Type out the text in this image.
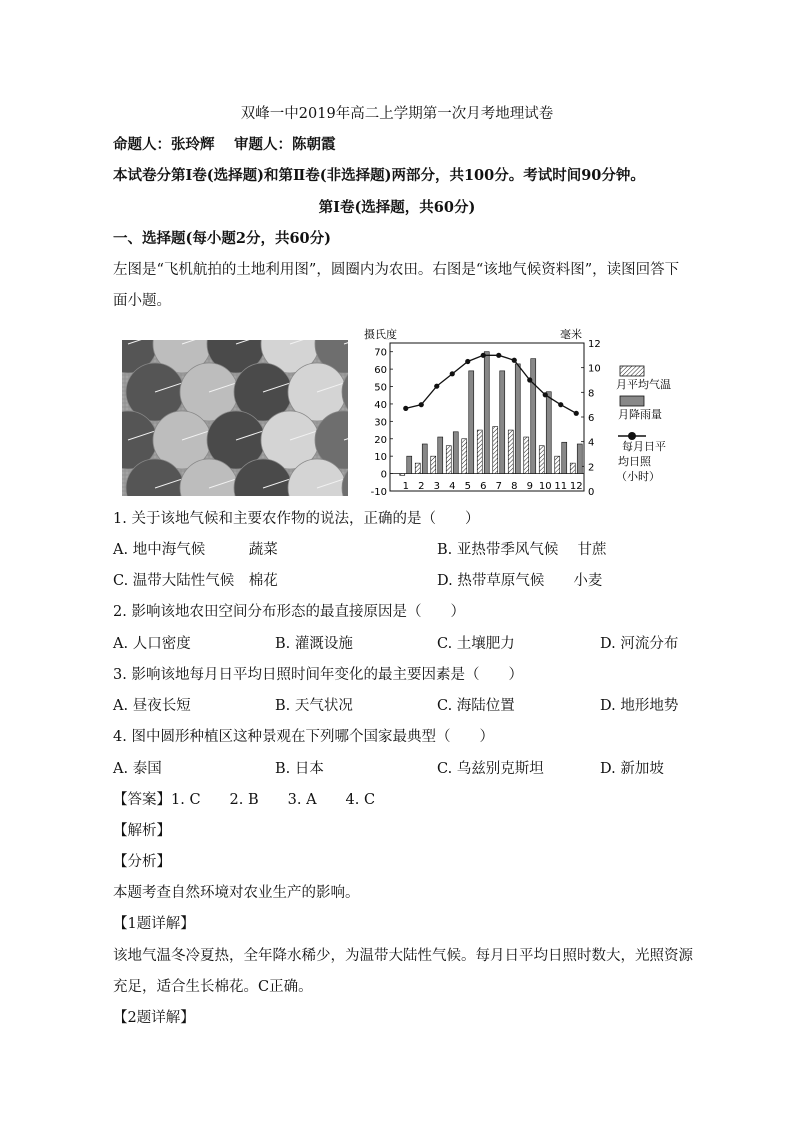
双峰一中2019年高二上学期第一次月考地理试卷
命题人：张玲辉　 审题人：陈朝霞
本试卷分第Ⅰ卷(选择题)和第Ⅱ卷(非选择题)两部分，共100分。考试时间90分钟。
第Ⅰ卷(选择题，共60分)
一、选择题(每小题2分，共60分)
左图是“飞机航拍的土地利用图”，圆圈内为农田。右图是“该地气候资料图”，读图回答下
面小题。
摄氏度	毫米
70
60
50
40
30
20
10
0
-10
12
10
8
6
4
2
0
1 2 3 4 5 6 7 8 9 10 11 12
月平均气温
月降雨量
每月日平
均日照
（小时）
1. 关于该地气候和主要农作物的说法，正确的是（　　）
A. 地中海气候　　　蔬菜	B. 亚热带季风气候　 甘蔗
C. 温带大陆性气候　棉花	D. 热带草原气候　　小麦
2. 影响该地农田空间分布形态的最直接原因是（　　）
A. 人口密度	B. 灌溉设施	C. 土壤肥力	D. 河流分布
3. 影响该地每月日平均日照时间年变化的最主要因素是（　　）
A. 昼夜长短	B. 天气状况	C. 海陆位置	D. 地形地势
4. 图中圆形种植区这种景观在下列哪个国家最典型（　　）
A. 泰国	B. 日本	C. 乌兹别克斯坦	D. 新加坡
【答案】1. C　　2. B　　3. A　　4. C
【解析】
【分析】
本题考查自然环境对农业生产的影响。
【1题详解】
该地气温冬冷夏热，全年降水稀少，为温带大陆性气候。每月日平均日照时数大，光照资源
充足，适合生长棉花。C正确。
【2题详解】
